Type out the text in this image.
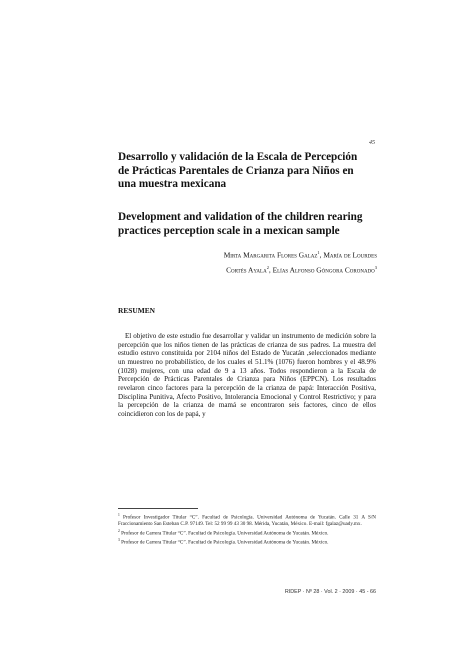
45
Desarrollo y validación de la Escala de Percepción
de Prácticas Parentales de Crianza para Niños en
una muestra mexicana
Development and validation of the children rearing
practices perception scale in a mexican sample
Mirta Margarita Flores Galaz$^1$, María de Lourdes
Cortés Ayala$^2$, Elías Alfonso Góngora Coronado$^3$
RESUMEN

El objetivo de este estudio fue desarrollar y validar un instrumento de medición sobre la percepción que los niños tienen de las prácticas de crianza de sus padres. La muestra del estudio estuvo constituida por 2104 niños del Estado de Yucatán ,seleccionados mediante un muestreo no probabilístico, de los cuales el 51.1% (1076) fueron hombres y el 48.9% (1028) mujeres, con una edad de 9 a 13 años. Todos respondieron a la Escala de Percepción de Prácticas Parentales de Crianza para Niños (EPPCN). Los resultados revelaron cinco factores para la percepción de la crianza de papá: Interacción Positiva, Disciplina Punitiva, Afecto Positivo, Intolerancia Emocional y Control Restrictivo; y para la percepción de la crianza de mamá se encontraron seis factores, cinco de ellos coincidieron con los de papá, y

$^1$ Profesor Investigador Titular “C”. Facultad de Psicología. Universidad Autónoma de Yucatán. Calle 31 A S/N Fraccionamiento San Esteban C.P. 97149. Tel: 52 99 99 43 30 98. Mérida, Yucatán, México. E-mail: fgalaz@uady.mx.

$^2$ Profesor de Carrera Titular “C”. Facultad de Psicología. Universidad Autónoma de Yucatán. México.

$^3$ Profesor de Carrera Titular “C”. Facultad de Psicología. Universidad Autónoma de Yucatán. México.

RIDEP · Nº 28 · Vol. 2 · 2009 · 45 - 66
